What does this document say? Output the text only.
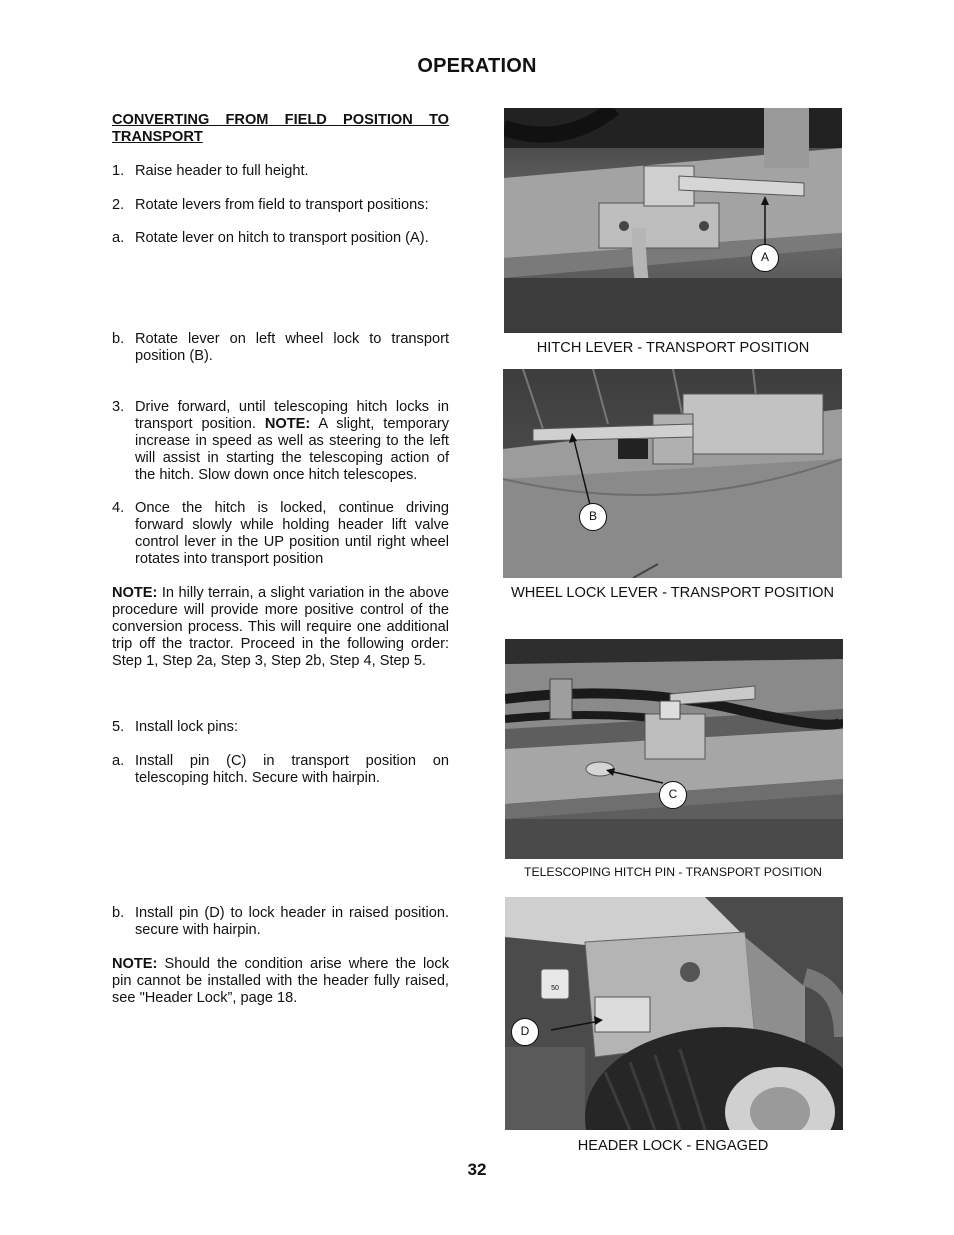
OPERATION
CONVERTING FROM FIELD POSITION TO TRANSPORT
1. Raise header to full height.
2. Rotate levers from field to transport positions:
a. Rotate lever on hitch to transport position (A).
b. Rotate lever on left wheel lock to transport position (B).
3. Drive forward, until telescoping hitch locks in transport position. NOTE: A slight, temporary increase in speed as well as steering to the left will assist in starting the telescoping action of the hitch. Slow down once hitch telescopes.
4. Once the hitch is locked, continue driving forward slowly while holding header lift valve control lever in the UP position until right wheel rotates into transport position
NOTE: In hilly terrain, a slight variation in the above procedure will provide more positive control of the conversion process. This will require one additional trip off the tractor. Proceed in the following order: Step 1, Step 2a, Step 3, Step 2b, Step 4, Step 5.
5. Install lock pins:
a. Install pin (C) in transport position on telescoping hitch. Secure with hairpin.
b. Install pin (D) to lock header in raised position. secure with hairpin.
NOTE: Should the condition arise where the lock pin cannot be installed with the header fully raised, see "Header Lock”, page 18.
A
HITCH LEVER - TRANSPORT POSITION
B
WHEEL LOCK LEVER - TRANSPORT POSITION
C
TELESCOPING HITCH PIN - TRANSPORT POSITION
50
D
HEADER LOCK - ENGAGED
32
